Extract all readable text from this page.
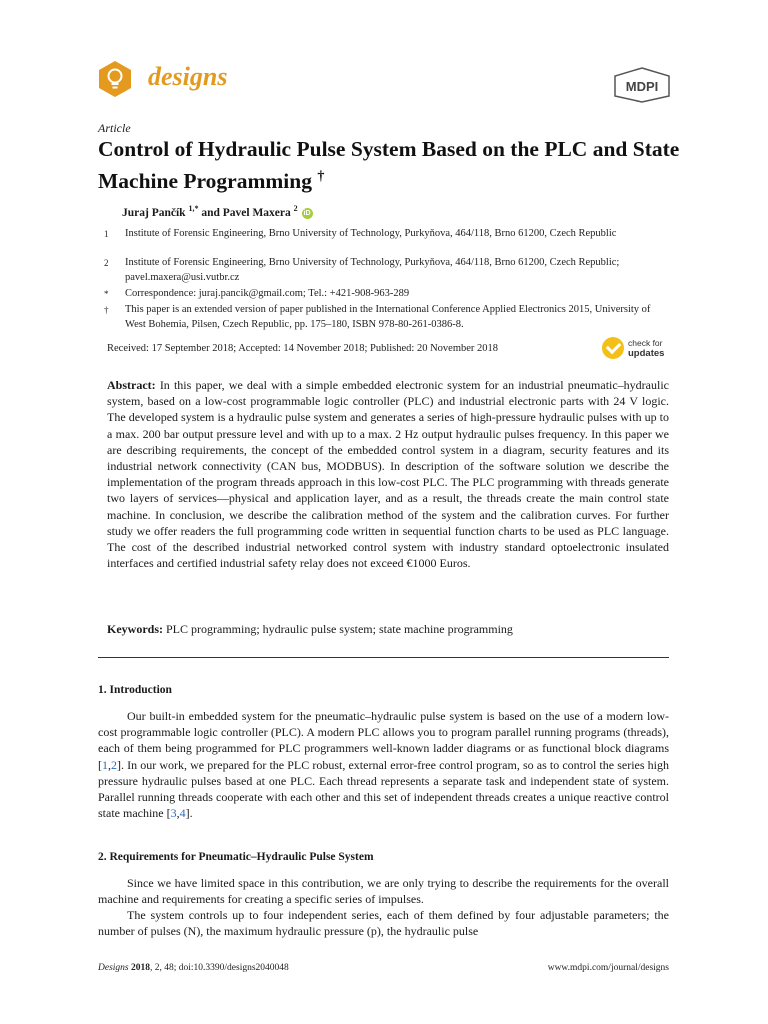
designs	MDPI
Article
Control of Hydraulic Pulse System Based on the PLC and State Machine Programming †
Juraj Pančík $^{1,*}$ and Pavel Maxera $^2$ iD
1	Institute of Forensic Engineering, Brno University of Technology, Purkyňova, 464/118, Brno 61200, Czech Republic
2	Institute of Forensic Engineering, Brno University of Technology, Purkyňova, 464/118, Brno 61200, Czech Republic; pavel.maxera@usi.vutbr.cz
*	Correspondence: juraj.pancik@gmail.com; Tel.: +421-908-963-289
†	This paper is an extended version of paper published in the International Conference Applied Electronics 2015, University of West Bohemia, Pilsen, Czech Republic, pp. 175–180, ISBN 978-80-261-0386-8.
Received: 17 September 2018; Accepted: 14 November 2018; Published: 20 November 2018	check for
updates
Abstract: In this paper, we deal with a simple embedded electronic system for an industrial pneumatic–hydraulic system, based on a low-cost programmable logic controller (PLC) and industrial electronic parts with 24 V logic. The developed system is a hydraulic pulse system and generates a series of high-pressure hydraulic pulses with up to a max. 200 bar output pressure level and with up to a max. 2 Hz output hydraulic pulses frequency. In this paper we are describing requirements, the concept of the embedded control system in a diagram, security features and its industrial network connectivity (CAN bus, MODBUS). In description of the software solution we describe the implementation of the program threads approach in this low-cost PLC. The PLC programming with threads generate two layers of services—physical and application layer, and as a result, the threads create the main control state machine. In conclusion, we describe the calibration method of the system and the calibration curves. For further study we offer readers the full programming code written in sequential function charts to be used as PLC language. The cost of the described industrial networked control system with industry standard optoelectronic insulated interfaces and certified industrial safety relay does not exceed €1000 Euros.
Keywords: PLC programming; hydraulic pulse system; state machine programming
1. Introduction
Our built-in embedded system for the pneumatic–hydraulic pulse system is based on the use of a modern low-cost programmable logic controller (PLC). A modern PLC allows you to program parallel running programs (threads), each of them being programmed for PLC programmers well-known ladder diagrams or as functional block diagrams [1,2]. In our work, we prepared for the PLC robust, external error-free control program, so as to control the series high pressure hydraulic pulses based at one PLC. Each thread represents a separate task and independent state of system. Parallel running threads cooperate with each other and this set of independent threads creates a unique reactive control state machine [3,4].
2. Requirements for Pneumatic–Hydraulic Pulse System
Since we have limited space in this contribution, we are only trying to describe the requirements for the overall machine and requirements for creating a specific series of impulses.
The system controls up to four independent series, each of them defined by four adjustable parameters; the number of pulses (N), the maximum hydraulic pressure (p), the hydraulic pulse
Designs 2018, 2, 48; doi:10.3390/designs2040048	www.mdpi.com/journal/designs
